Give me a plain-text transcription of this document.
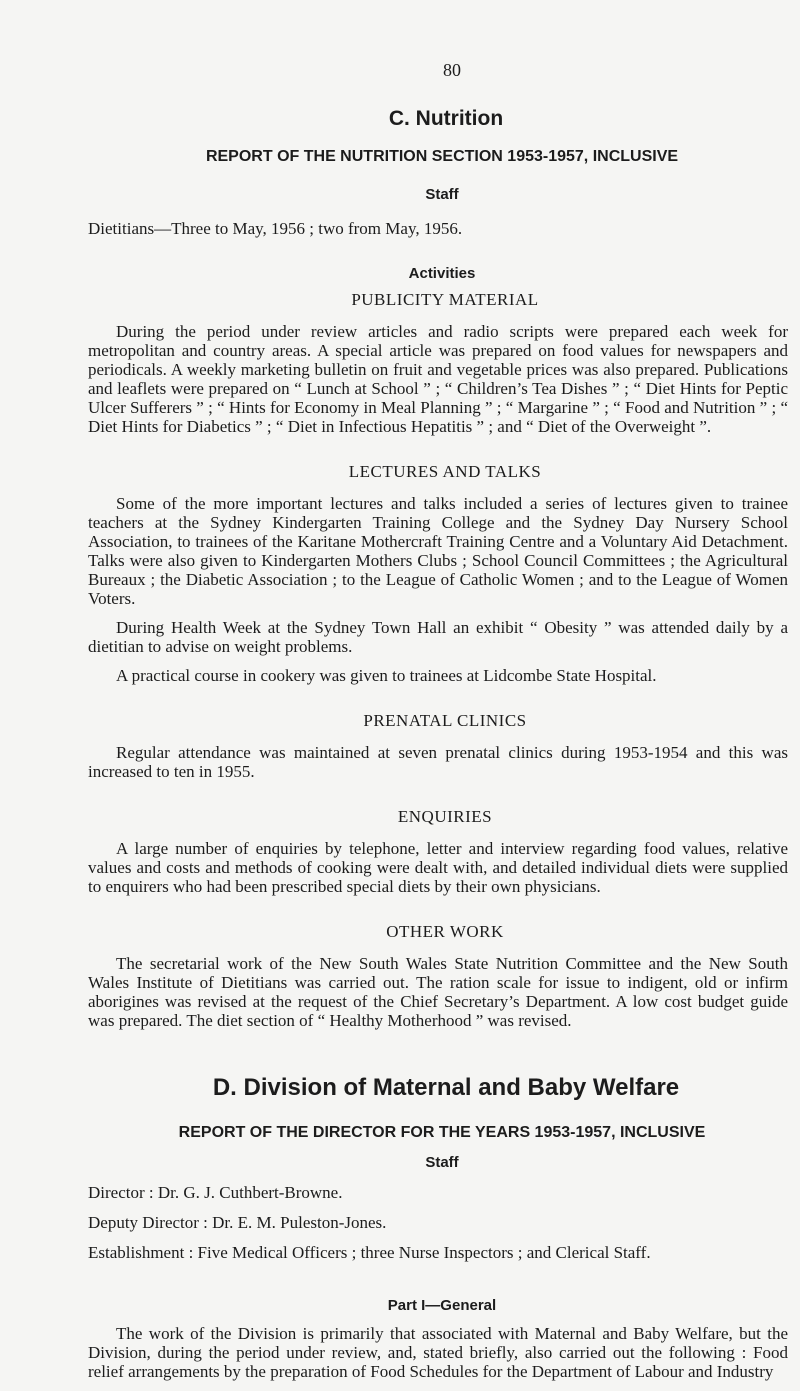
80
C. Nutrition
REPORT OF THE NUTRITION SECTION 1953-1957, INCLUSIVE
Staff
Dietitians—Three to May, 1956 ; two from May, 1956.
Activities
PUBLICITY MATERIAL

During the period under review articles and radio scripts were prepared each week for metropolitan and country areas. A special article was prepared on food values for newspapers and periodicals. A weekly marketing bulletin on fruit and vegetable prices was also prepared. Publications and leaflets were prepared on “ Lunch at School ” ; “ Children’s Tea Dishes ” ; “ Diet Hints for Peptic Ulcer Sufferers ” ; “ Hints for Economy in Meal Planning ” ; “ Margarine ” ; “ Food and Nutrition ” ; “ Diet Hints for Diabetics ” ; “ Diet in Infectious Hepatitis ” ; and “ Diet of the Overweight ”.

LECTURES AND TALKS

Some of the more important lectures and talks included a series of lectures given to trainee teachers at the Sydney Kindergarten Training College and the Sydney Day Nursery School Association, to trainees of the Karitane Mothercraft Training Centre and a Voluntary Aid Detachment. Talks were also given to Kindergarten Mothers Clubs ; School Council Committees ; the Agricultural Bureaux ; the Diabetic Association ; to the League of Catholic Women ; and to the League of Women Voters.

During Health Week at the Sydney Town Hall an exhibit “ Obesity ” was attended daily by a dietitian to advise on weight problems.

A practical course in cookery was given to trainees at Lidcombe State Hospital.

PRENATAL CLINICS

Regular attendance was maintained at seven prenatal clinics during 1953-1954 and this was increased to ten in 1955.

ENQUIRIES

A large number of enquiries by telephone, letter and interview regarding food values, relative values and costs and methods of cooking were dealt with, and detailed individual diets were supplied to enquirers who had been prescribed special diets by their own physicians.

OTHER WORK

The secretarial work of the New South Wales State Nutrition Committee and the New South Wales Institute of Dietitians was carried out. The ration scale for issue to indigent, old or infirm aborigines was revised at the request of the Chief Secretary’s Department. A low cost budget guide was prepared. The diet section of “ Healthy Motherhood ” was revised.

D. Division of Maternal and Baby Welfare
REPORT OF THE DIRECTOR FOR THE YEARS 1953-1957, INCLUSIVE
Staff
Director : Dr. G. J. Cuthbert-Browne.
Deputy Director : Dr. E. M. Puleston-Jones.
Establishment : Five Medical Officers ; three Nurse Inspectors ; and Clerical Staff.
Part I—General

The work of the Division is primarily that associated with Maternal and Baby Welfare, but the Division, during the period under review, and, stated briefly, also carried out the following : Food relief arrangements by the preparation of Food Schedules for the Department of Labour and Industry
